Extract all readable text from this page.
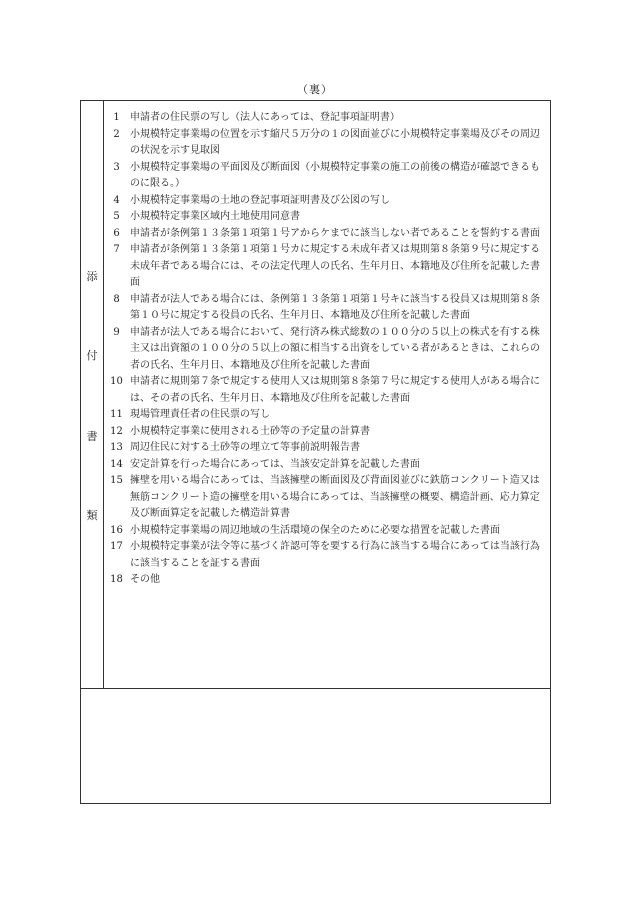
（裏）
添
付
書
類
1	申請者の住民票の写し（法人にあっては、登記事項証明書）
2	小規模特定事業場の位置を示す縮尺５万分の１の図面並びに小規模特定事業場及びその周辺の状況を示す見取図
3	小規模特定事業場の平面図及び断面図（小規模特定事業の施工の前後の構造が確認できるものに限る。）
4	小規模特定事業場の土地の登記事項証明書及び公図の写し
5	小規模特定事業区域内土地使用同意書
6	申請者が条例第１３条第１項第１号アからケまでに該当しない者であることを誓約する書面
7	申請者が条例第１３条第１項第１号カに規定する未成年者又は規則第８条第９号に規定する未成年者である場合には、その法定代理人の氏名、生年月日、本籍地及び住所を記載した書面
8	申請者が法人である場合には、条例第１３条第１項第１号キに該当する役員又は規則第８条第１０号に規定する役員の氏名、生年月日、本籍地及び住所を記載した書面
9	申請者が法人である場合において、発行済み株式総数の１００分の５以上の株式を有する株主又は出資額の１００分の５以上の額に相当する出資をしている者があるときは、これらの者の氏名、生年月日、本籍地及び住所を記載した書面
10 申請者に規則第７条で規定する使用人又は規則第８条第７号に規定する使用人がある場合には、その者の氏名、生年月日、本籍地及び住所を記載した書面
11 現場管理責任者の住民票の写し
12 小規模特定事業に使用される土砂等の予定量の計算書
13 周辺住民に対する土砂等の埋立て等事前説明報告書
14 安定計算を行った場合にあっては、当該安定計算を記載した書面
15 擁壁を用いる場合にあっては、当該擁壁の断面図及び背面図並びに鉄筋コンクリート造又は無筋コンクリート造の擁壁を用いる場合にあっては、当該擁壁の概要、構造計画、応力算定及び断面算定を記載した構造計算書
16 小規模特定事業場の周辺地域の生活環境の保全のために必要な措置を記載した書面
17 小規模特定事業が法令等に基づく許認可等を要する行為に該当する場合にあっては当該行為に該当することを証する書面
18 その他
